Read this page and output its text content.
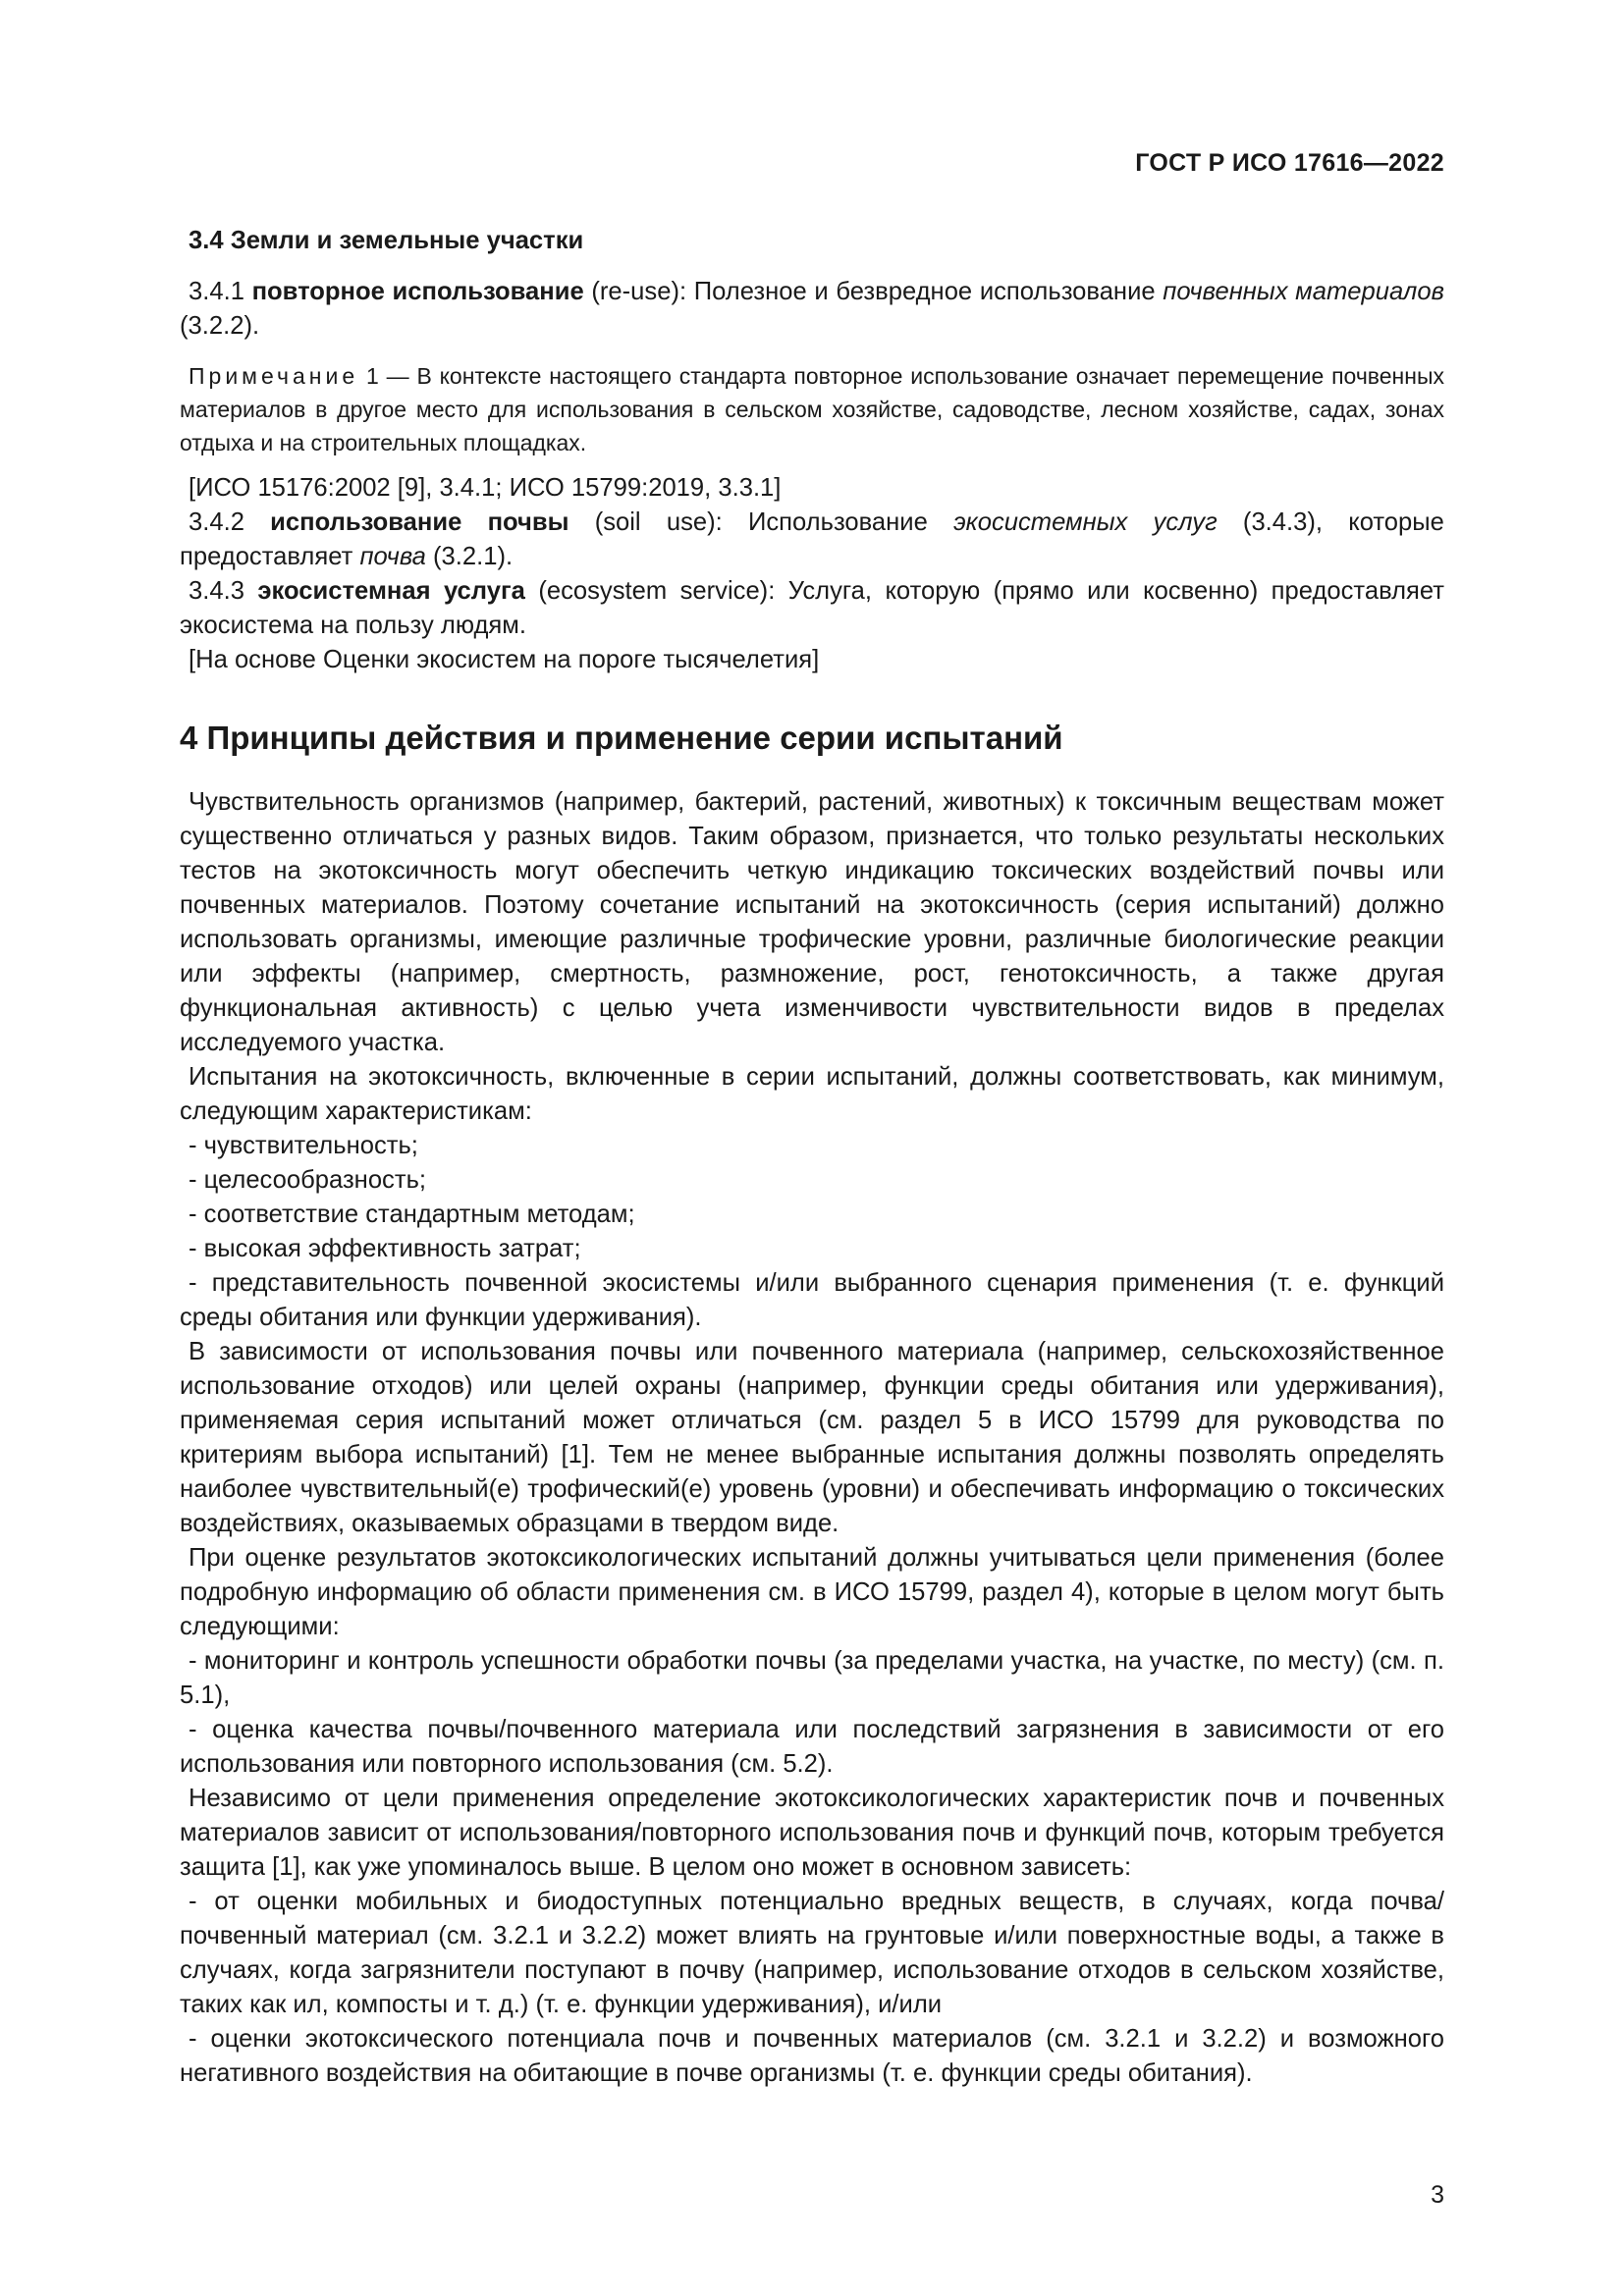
ГОСТ Р ИСО 17616—2022

3.4 Земли и земельные участки

3.4.1 повторное использование (re-use): Полезное и безвредное использование почвенных материалов (3.2.2).

Примечание 1 — В контексте настоящего стандарта повторное использование означает перемещение почвенных материалов в другое место для использования в сельском хозяйстве, садоводстве, лесном хозяйстве, садах, зонах отдыха и на строительных площадках.

[ИСО 15176:2002 [9], 3.4.1; ИСО 15799:2019, 3.3.1]

3.4.2 использование почвы (soil use): Использование экосистемных услуг (3.4.3), которые предоставляет почва (3.2.1).

3.4.3 экосистемная услуга (ecosystem service): Услуга, которую (прямо или косвенно) предоставляет экосистема на пользу людям.

[На основе Оценки экосистем на пороге тысячелетия]

4 Принципы действия и применение серии испытаний

Чувствительность организмов (например, бактерий, растений, животных) к токсичным веществам может существенно отличаться у разных видов. Таким образом, признается, что только результаты нескольких тестов на экотоксичность могут обеспечить четкую индикацию токсических воздействий почвы или почвенных материалов. Поэтому сочетание испытаний на экотоксичность (серия испытаний) должно использовать организмы, имеющие различные трофические уровни, различные биологические реакции или эффекты (например, смертность, размножение, рост, генотоксичность, а также другая функциональная активность) с целью учета изменчивости чувствительности видов в пределах исследуемого участка.

Испытания на экотоксичность, включенные в серии испытаний, должны соответствовать, как минимум, следующим характеристикам:

- чувствительность;

- целесообразность;

- соответствие стандартным методам;

- высокая эффективность затрат;

- представительность почвенной экосистемы и/или выбранного сценария применения (т. е. функций среды обитания или функции удерживания).

В зависимости от использования почвы или почвенного материала (например, сельскохозяйственное использование отходов) или целей охраны (например, функции среды обитания или удерживания), применяемая серия испытаний может отличаться (см. раздел 5 в ИСО 15799 для руководства по критериям выбора испытаний) [1]. Тем не менее выбранные испытания должны позволять определять наиболее чувствительный(е) трофический(е) уровень (уровни) и обеспечивать информацию о токсических воздействиях, оказываемых образцами в твердом виде.

При оценке результатов экотоксикологических испытаний должны учитываться цели применения (более подробную информацию об области применения см. в ИСО 15799, раздел 4), которые в целом могут быть следующими:

- мониторинг и контроль успешности обработки почвы (за пределами участка, на участке, по месту) (см. п. 5.1),

- оценка качества почвы/почвенного материала или последствий загрязнения в зависимости от его использования или повторного использования (см. 5.2).

Независимо от цели применения определение экотоксикологических характеристик почв и почвенных материалов зависит от использования/повторного использования почв и функций почв, которым требуется защита [1], как уже упоминалось выше. В целом оно может в основном зависеть:

- от оценки мобильных и биодоступных потенциально вредных веществ, в случаях, когда почва/почвенный материал (см. 3.2.1 и 3.2.2) может влиять на грунтовые и/или поверхностные воды, а также в случаях, когда загрязнители поступают в почву (например, использование отходов в сельском хозяйстве, таких как ил, компосты и т. д.) (т. е. функции удерживания), и/или

- оценки экотоксического потенциала почв и почвенных материалов (см. 3.2.1 и 3.2.2) и возможного негативного воздействия на обитающие в почве организмы (т. е. функции среды обитания).

3
